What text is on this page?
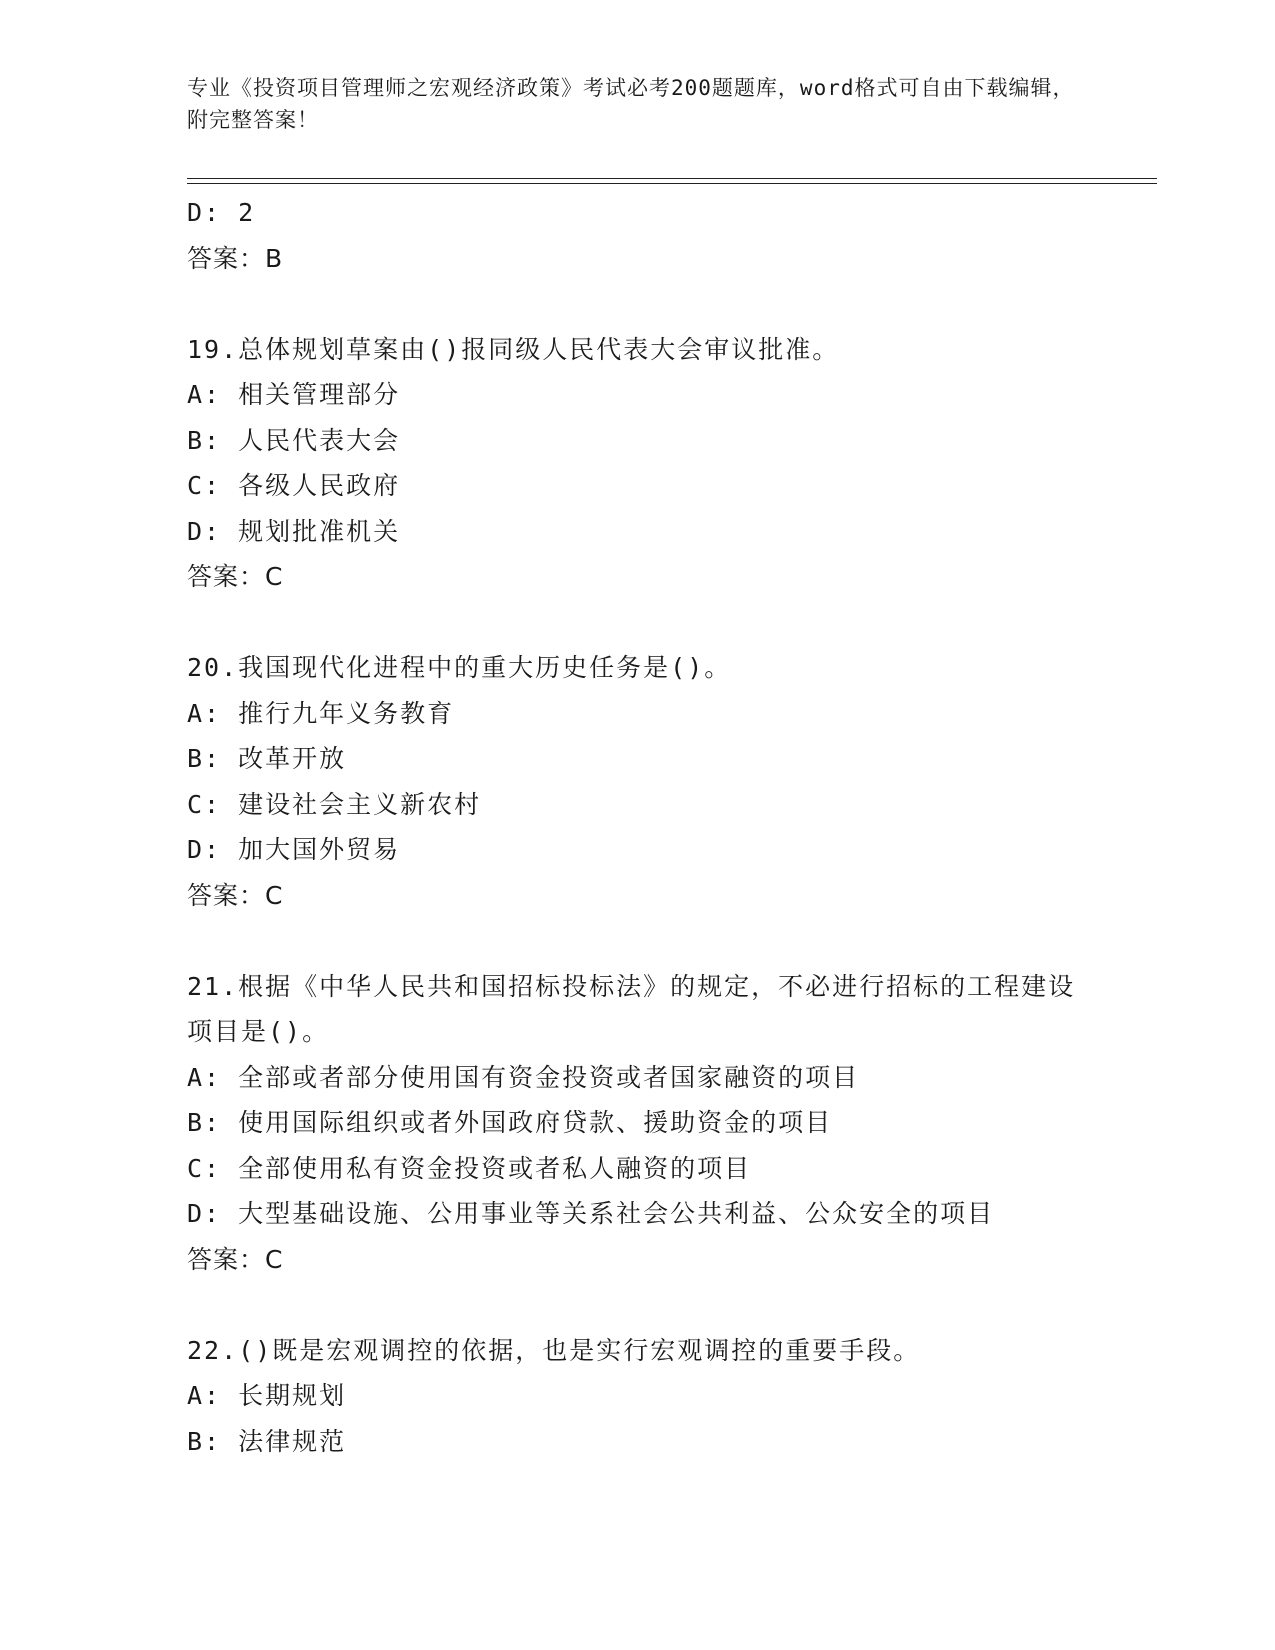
专业《投资项目管理师之宏观经济政策》考试必考200题题库，word格式可自由下载编辑，附完整答案！
D: 2
答案：B
19.总体规划草案由()报同级人民代表大会审议批准。
A: 相关管理部分
B: 人民代表大会
C: 各级人民政府
D: 规划批准机关
答案：C
20.我国现代化进程中的重大历史任务是()。
A: 推行九年义务教育
B: 改革开放
C: 建设社会主义新农村
D: 加大国外贸易
答案：C
21.根据《中华人民共和国招标投标法》的规定，不必进行招标的工程建设项目是()。
A: 全部或者部分使用国有资金投资或者国家融资的项目
B: 使用国际组织或者外国政府贷款、援助资金的项目
C: 全部使用私有资金投资或者私人融资的项目
D: 大型基础设施、公用事业等关系社会公共利益、公众安全的项目
答案：C
22.()既是宏观调控的依据，也是实行宏观调控的重要手段。
A: 长期规划
B: 法律规范
